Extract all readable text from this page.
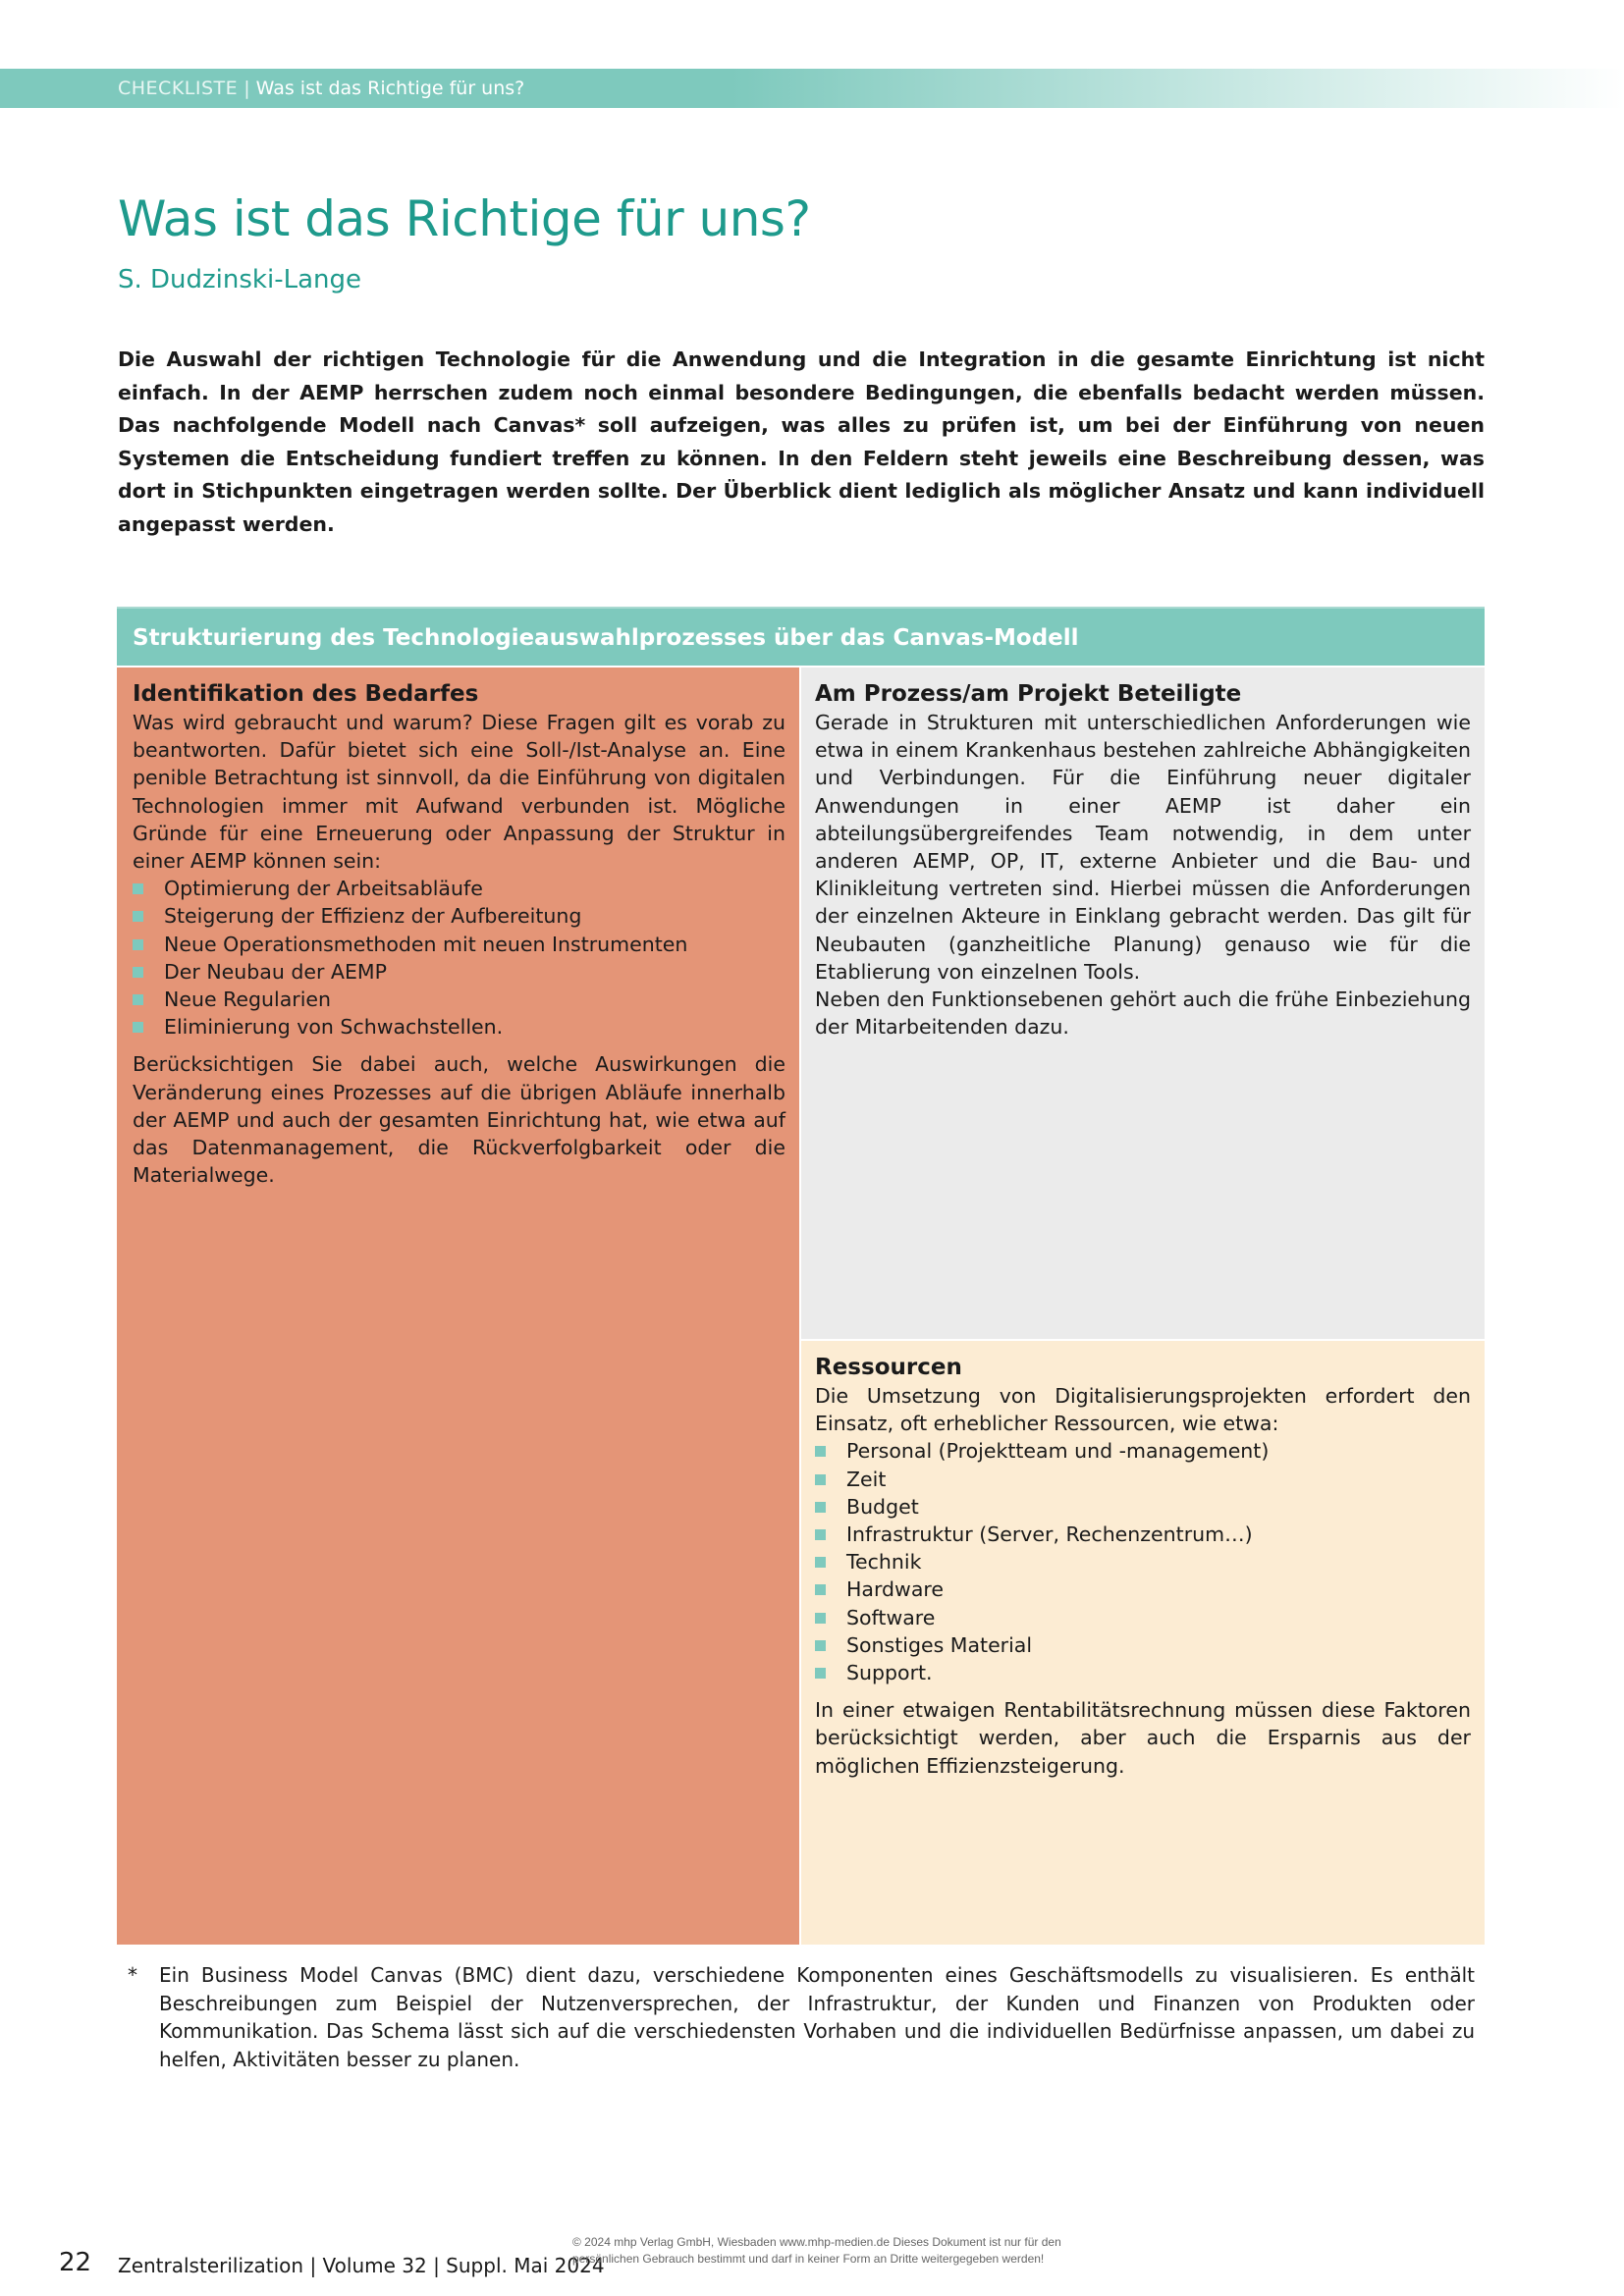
CHECKLISTE | Was ist das Richtige für uns?
Was ist das Richtige für uns?
S. Dudzinski-Lange

Die Auswahl der richtigen Technologie für die Anwendung und die Integration in die gesamte Einrichtung ist nicht einfach. In der AEMP herrschen zudem noch einmal besondere Bedingungen, die ebenfalls bedacht werden müssen. Das nachfolgende Modell nach Canvas* soll aufzeigen, was alles zu prüfen ist, um bei der Einführung von neuen Systemen die Entscheidung fundiert treffen zu können. In den Feldern steht jeweils eine Beschreibung dessen, was dort in Stichpunkten eingetragen werden sollte. Der Überblick dient lediglich als möglicher Ansatz und kann individuell angepasst werden.

Strukturierung des Technologieauswahlprozesses über das Canvas-Modell
Identifikation des Bedarfes

Was wird gebraucht und warum? Diese Fragen gilt es vorab zu beantworten. Dafür bietet sich eine Soll-/Ist-Analyse an. Eine penible Betrachtung ist sinnvoll, da die Einführung von digitalen Technologien immer mit Aufwand verbunden ist. Mögliche Gründe für eine Erneuerung oder Anpassung der Struktur in einer AEMP können sein:

Optimierung der Arbeitsabläufe
Steigerung der Effizienz der Aufbereitung
Neue Operationsmethoden mit neuen Instrumenten
Der Neubau der AEMP
Neue Regularien
Eliminierung von Schwachstellen.

Berücksichtigen Sie dabei auch, welche Auswirkungen die Veränderung eines Prozesses auf die übrigen Abläufe innerhalb der AEMP und auch der gesamten Einrichtung hat, wie etwa auf das Datenmanagement, die Rückverfolgbarkeit oder die Materialwege.

Am Prozess/am Projekt Beteiligte

Gerade in Strukturen mit unterschiedlichen Anforderungen wie etwa in einem Krankenhaus bestehen zahlreiche Abhängigkeiten und Verbindungen. Für die Einführung neuer digitaler Anwendungen in einer AEMP ist daher ein abteilungsübergreifendes Team notwendig, in dem unter anderen AEMP, OP, IT, externe Anbieter und die Bau- und Klinikleitung vertreten sind. Hierbei müssen die Anforderungen der einzelnen Akteure in Einklang gebracht werden. Das gilt für Neubauten (ganzheitliche Planung) genauso wie für die Etablierung von einzelnen Tools.

Neben den Funktionsebenen gehört auch die frühe Einbeziehung der Mitarbeitenden dazu.

Ressourcen

Die Umsetzung von Digitalisierungsprojekten erfordert den Einsatz, oft erheblicher Ressourcen, wie etwa:

Personal (Projektteam und -management)
Zeit
Budget
Infrastruktur (Server, Rechenzentrum…)
Technik
Hardware
Software
Sonstiges Material
Support.

In einer etwaigen Rentabilitätsrechnung müssen diese Faktoren berücksichtigt werden, aber auch die Ersparnis aus der möglichen Effizienzsteigerung.

* Ein Business Model Canvas (BMC) dient dazu, verschiedene Komponenten eines Geschäftsmodells zu visualisieren. Es enthält Beschreibungen zum Beispiel der Nutzenversprechen, der Infrastruktur, der Kunden und Finanzen von Produkten oder Kommunikation. Das Schema lässt sich auf die verschiedensten Vorhaben und die individuellen Bedürfnisse anpassen, um dabei zu helfen, Aktivitäten besser zu planen.

22 Zentralsterilization | Volume 32 | Suppl. Mai 2024
© 2024 mhp Verlag GmbH, Wiesbaden www.mhp-medien.de Dieses Dokument ist nur für den persönlichen Gebrauch bestimmt und darf in keiner Form an Dritte weitergegeben werden!
